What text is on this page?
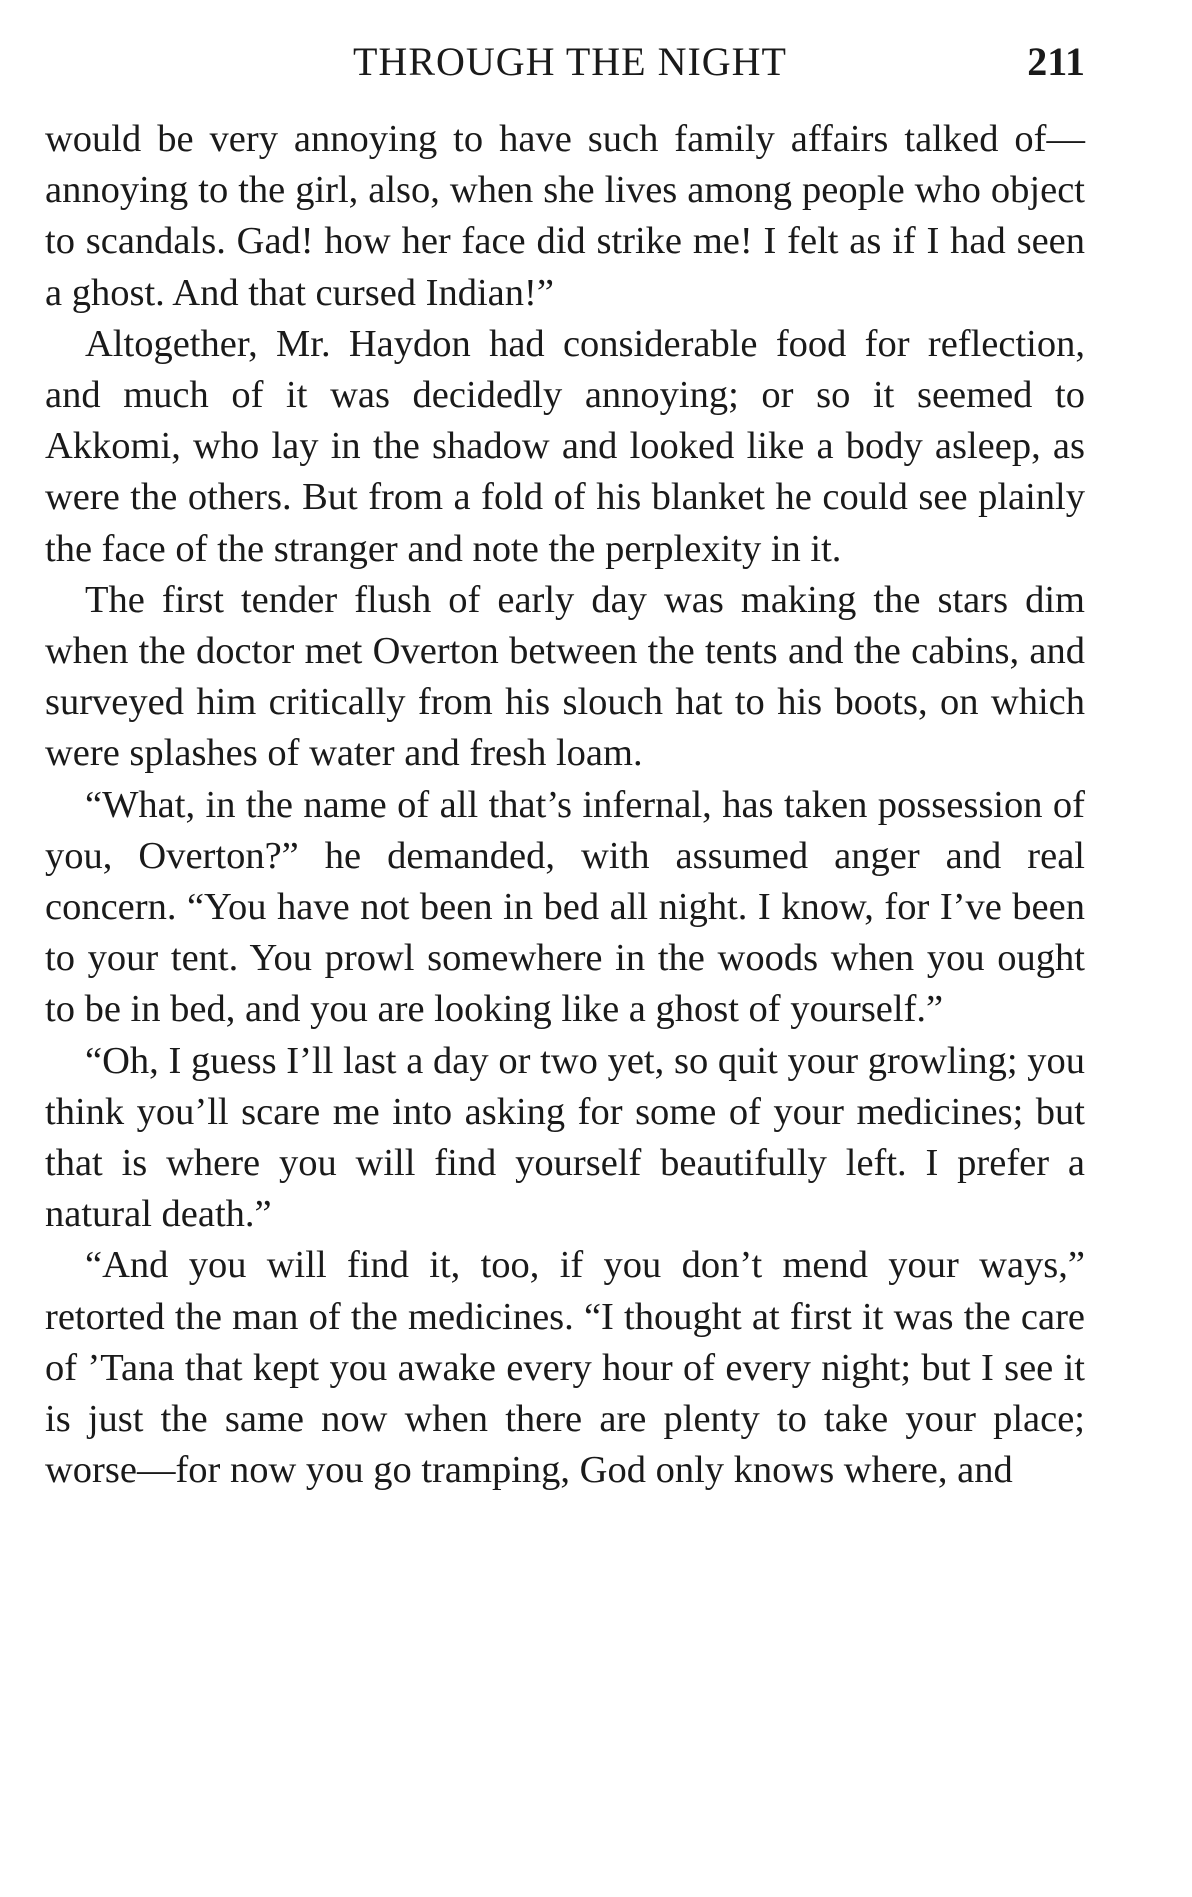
THROUGH THE NIGHT	211

would be very annoying to have such family affairs talked of—annoying to the girl, also, when she lives among people who object to scandals. Gad! how her face did strike me! I felt as if I had seen a ghost. And that cursed Indian!”

Altogether, Mr. Haydon had considerable food for reflection, and much of it was decidedly annoying; or so it seemed to Akkomi, who lay in the shadow and looked like a body asleep, as were the others. But from a fold of his blanket he could see plainly the face of the stranger and note the perplexity in it.

The first tender flush of early day was making the stars dim when the doctor met Overton between the tents and the cabins, and surveyed him critically from his slouch hat to his boots, on which were splashes of water and fresh loam.

“What, in the name of all that’s infernal, has taken possession of you, Overton?” he demanded, with assumed anger and real concern. “You have not been in bed all night. I know, for I’ve been to your tent. You prowl somewhere in the woods when you ought to be in bed, and you are looking like a ghost of yourself.”

“Oh, I guess I’ll last a day or two yet, so quit your growling; you think you’ll scare me into asking for some of your medicines; but that is where you will find yourself beautifully left. I prefer a natural death.”

“And you will find it, too, if you don’t mend your ways,” retorted the man of the medicines. “I thought at first it was the care of ’Tana that kept you awake every hour of every night; but I see it is just the same now when there are plenty to take your place; worse—for now you go tramping, God only knows where, and
